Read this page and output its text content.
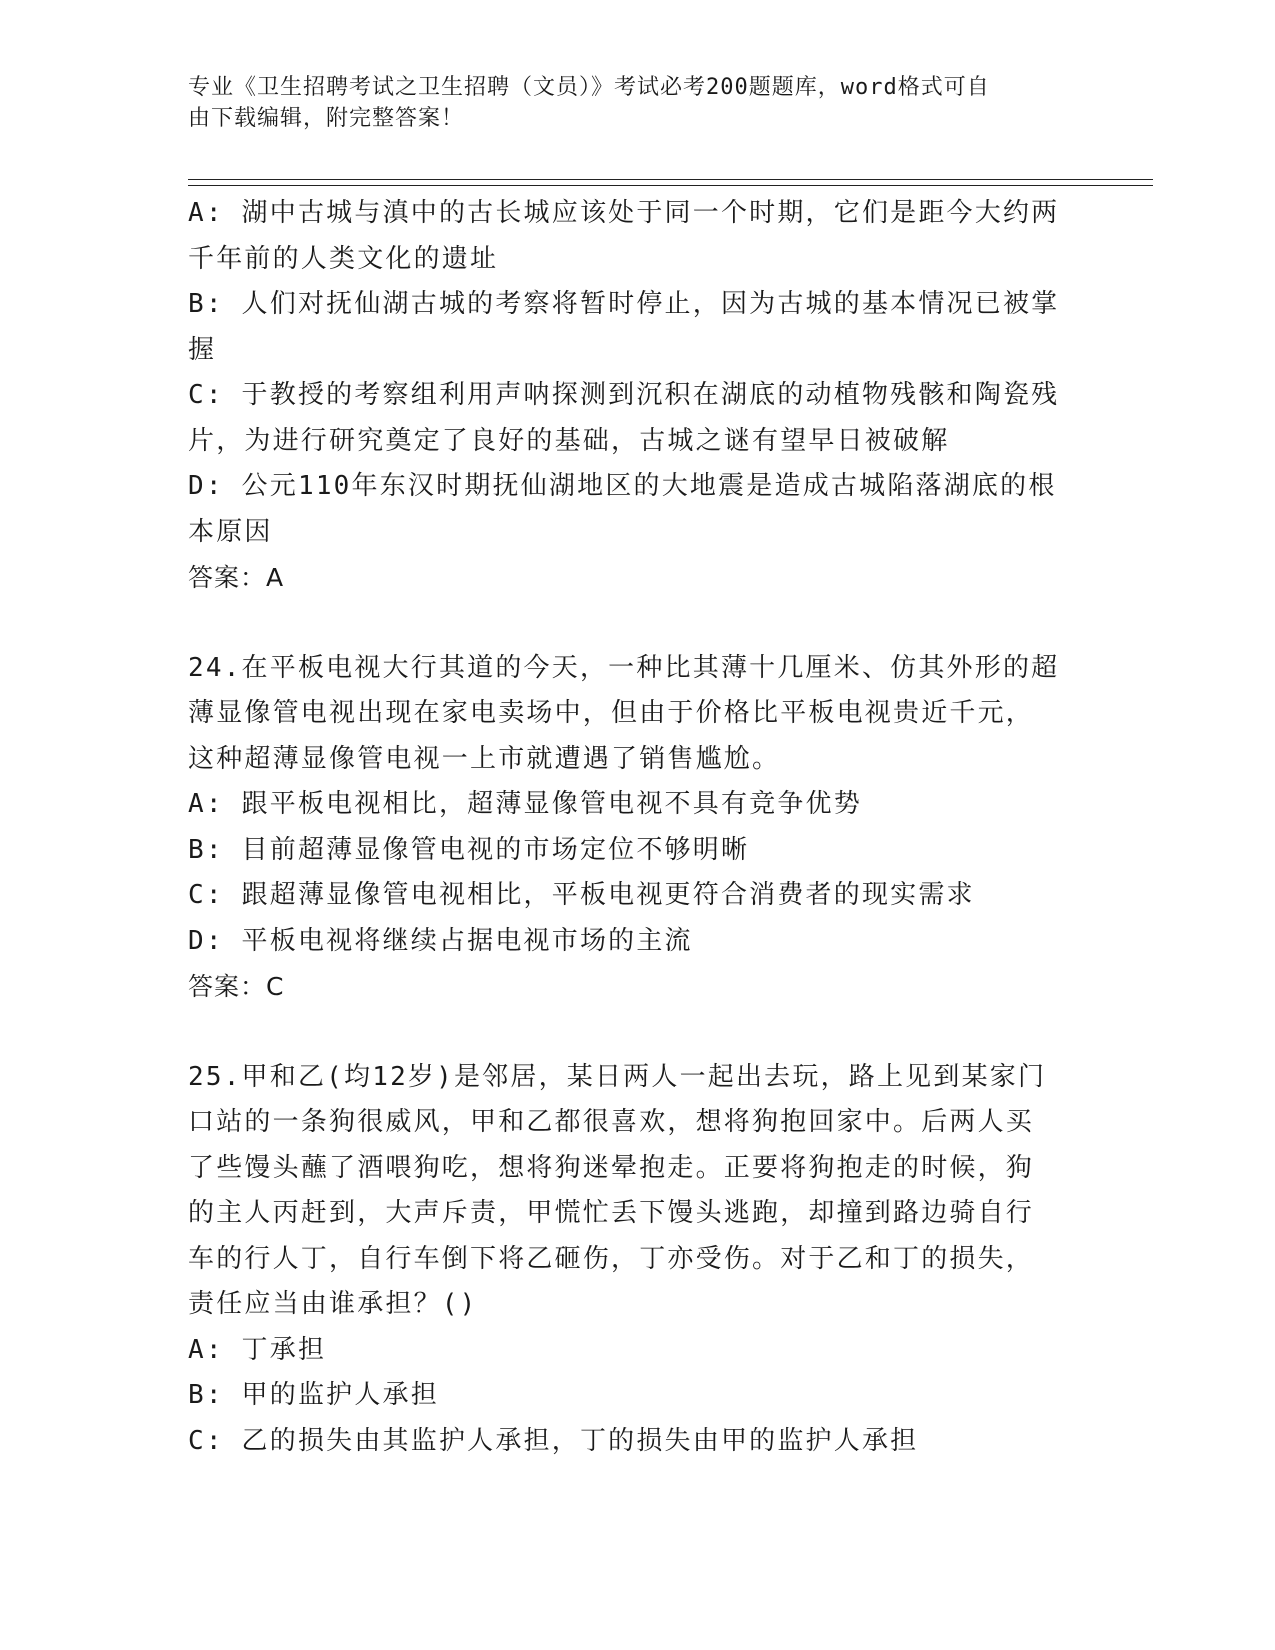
专业《卫生招聘考试之卫生招聘（文员）》考试必考200题题库，word格式可自
由下载编辑，附完整答案！

A: 湖中古城与滇中的古长城应该处于同一个时期，它们是距今大约两

千年前的人类文化的遗址

B: 人们对抚仙湖古城的考察将暂时停止，因为古城的基本情况已被掌

握

C: 于教授的考察组利用声呐探测到沉积在湖底的动植物残骸和陶瓷残

片，为进行研究奠定了良好的基础，古城之谜有望早日被破解

D: 公元110年东汉时期抚仙湖地区的大地震是造成古城陷落湖底的根

本原因

答案：A

24.在平板电视大行其道的今天，一种比其薄十几厘米、仿其外形的超

薄显像管电视出现在家电卖场中，但由于价格比平板电视贵近千元，

这种超薄显像管电视一上市就遭遇了销售尴尬。

A: 跟平板电视相比，超薄显像管电视不具有竞争优势

B: 目前超薄显像管电视的市场定位不够明晰

C: 跟超薄显像管电视相比，平板电视更符合消费者的现实需求

D: 平板电视将继续占据电视市场的主流

答案：C

25.甲和乙(均12岁)是邻居，某日两人一起出去玩，路上见到某家门

口站的一条狗很威风，甲和乙都很喜欢，想将狗抱回家中。后两人买

了些馒头蘸了酒喂狗吃，想将狗迷晕抱走。正要将狗抱走的时候，狗

的主人丙赶到，大声斥责，甲慌忙丢下馒头逃跑，却撞到路边骑自行

车的行人丁，自行车倒下将乙砸伤，丁亦受伤。对于乙和丁的损失，

责任应当由谁承担？()

A: 丁承担

B: 甲的监护人承担

C: 乙的损失由其监护人承担，丁的损失由甲的监护人承担
